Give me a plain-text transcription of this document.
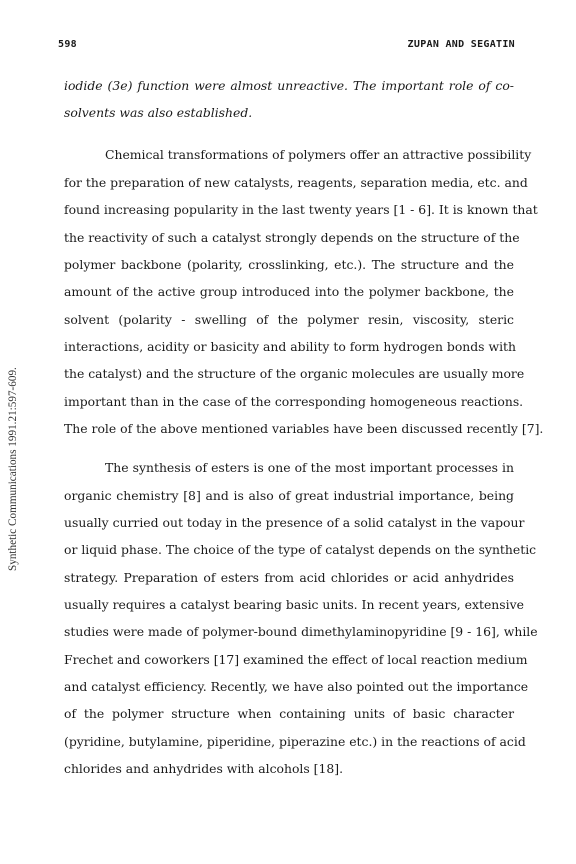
598	ZUPAN AND SEGATIN
Synthetic Communications 1991.21:597-609.
iodide (3e) function were almost unreactive. The important role of co-
solvents was also established.
Chemical transformations of polymers offer an attractive possibility
for the preparation of new catalysts, reagents, separation media, etc. and
found increasing popularity in the last twenty years [1 - 6]. It is known that
the reactivity of such a catalyst strongly depends on the structure of the
polymer backbone (polarity, crosslinking, etc.). The structure and the
amount of the active group introduced into the polymer backbone, the
solvent (polarity - swelling of the polymer resin, viscosity, steric
interactions, acidity or basicity and ability to form hydrogen bonds with
the catalyst) and the structure of the organic molecules are usually more
important than in the case of the corresponding homogeneous reactions.
The role of the above mentioned variables have been discussed recently [7].
The synthesis of esters is one of the most important processes in
organic chemistry [8] and is also of great industrial importance, being
usually curried out today in the presence of a solid catalyst in the vapour
or liquid phase. The choice of the type of catalyst depends on the synthetic
strategy. Preparation of esters from acid chlorides or acid anhydrides
usually requires a catalyst bearing basic units. In recent years, extensive
studies were made of polymer-bound dimethylaminopyridine [9 - 16], while
Frechet and coworkers [17] examined the effect of local reaction medium
and catalyst efficiency. Recently, we have also pointed out the importance
of the polymer structure when containing units of basic character
(pyridine, butylamine, piperidine, piperazine etc.) in the reactions of acid
chlorides and anhydrides with alcohols [18].
